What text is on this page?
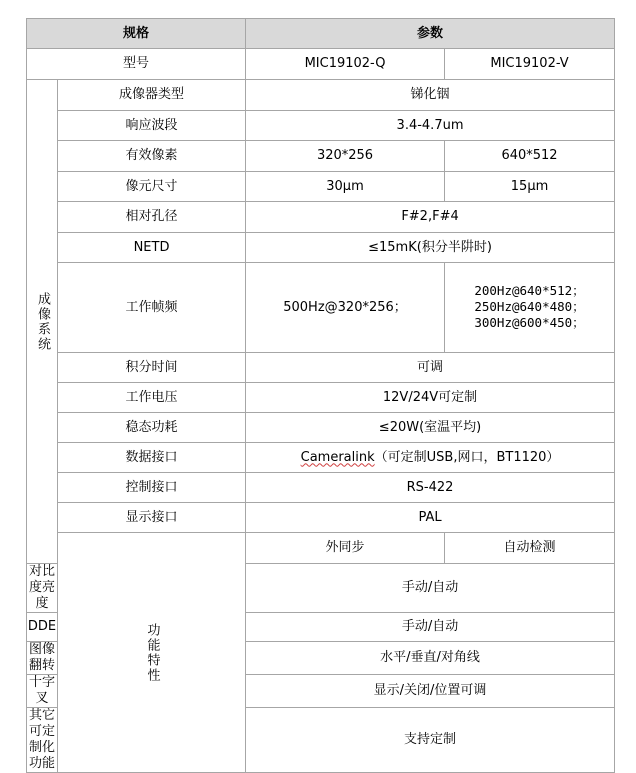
规格		参数	
型号		MIC19102-Q	MIC19102-V
成像系统	成像器类型	锑化铟	
	响应波段	3.4-4.7um	
	有效像素	320*256	640*512
	像元尺寸	30μm	15μm
	相对孔径	F#2,F#4	
	NETD	≤15mK(积分半阱时)	
	工作帧频	500Hz@320*256；	200Hz@640*512；
250Hz@640*480；
300Hz@600*450；
	积分时间	可调	
	工作电压	12V/24V可定制	
	稳态功耗	≤20W(室温平均)	
	数据接口	Cameralink（可定制USB,网口，BT1120）	
	控制接口	RS-422	
	显示接口	PAL	
	功能特性	外同步	自动检测
对比度亮度		手动/自动	
DDE		手动/自动	
图像翻转		水平/垂直/对角线	
十字叉		显示/关闭/位置可调	
其它可定制化功能		支持定制	
